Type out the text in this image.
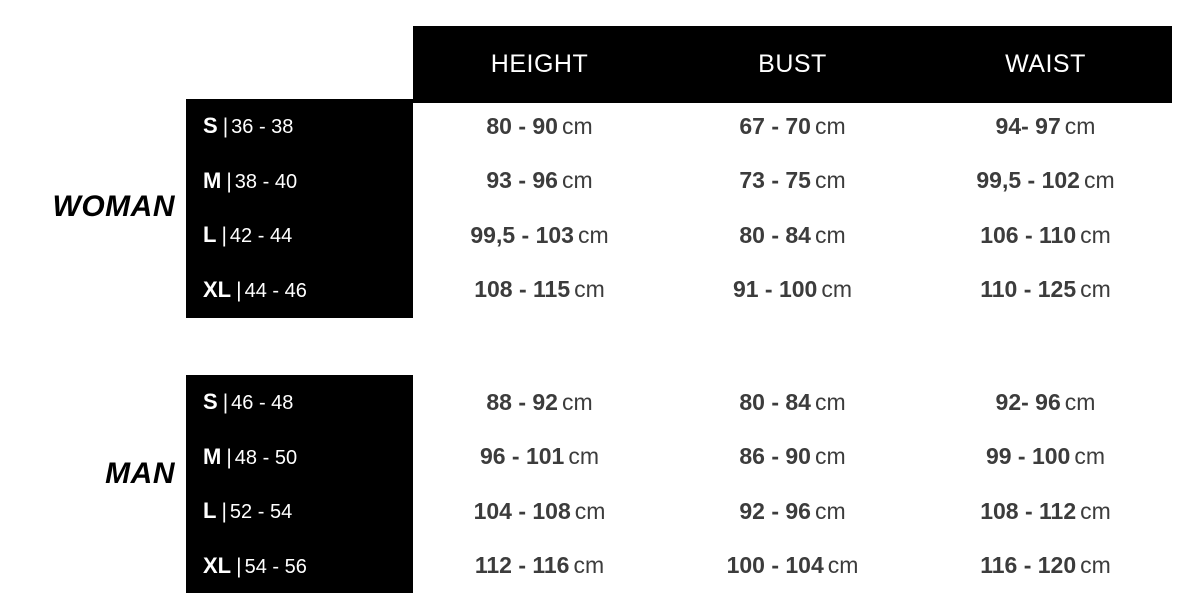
HEIGHT	BUST	WAIST
WOMAN
MAN
S | 36 - 38	80 - 90 cm	67 - 70 cm	94- 97 cm
M | 38 - 40	93 - 96 cm	73 - 75 cm	99,5 - 102 cm
L | 42 - 44	99,5 - 103 cm	80 - 84 cm	106 - 110 cm
XL | 44 - 46	108 - 115 cm	91 - 100 cm	110 - 125 cm
S | 46 - 48	88 - 92 cm	80 - 84 cm	92- 96 cm
M | 48 - 50	96 - 101 cm	86 - 90 cm	99 - 100 cm
L | 52 - 54	104 - 108 cm	92 - 96 cm	108 - 112 cm
XL | 54 - 56	112 - 116 cm	100 - 104 cm	116 - 120 cm
